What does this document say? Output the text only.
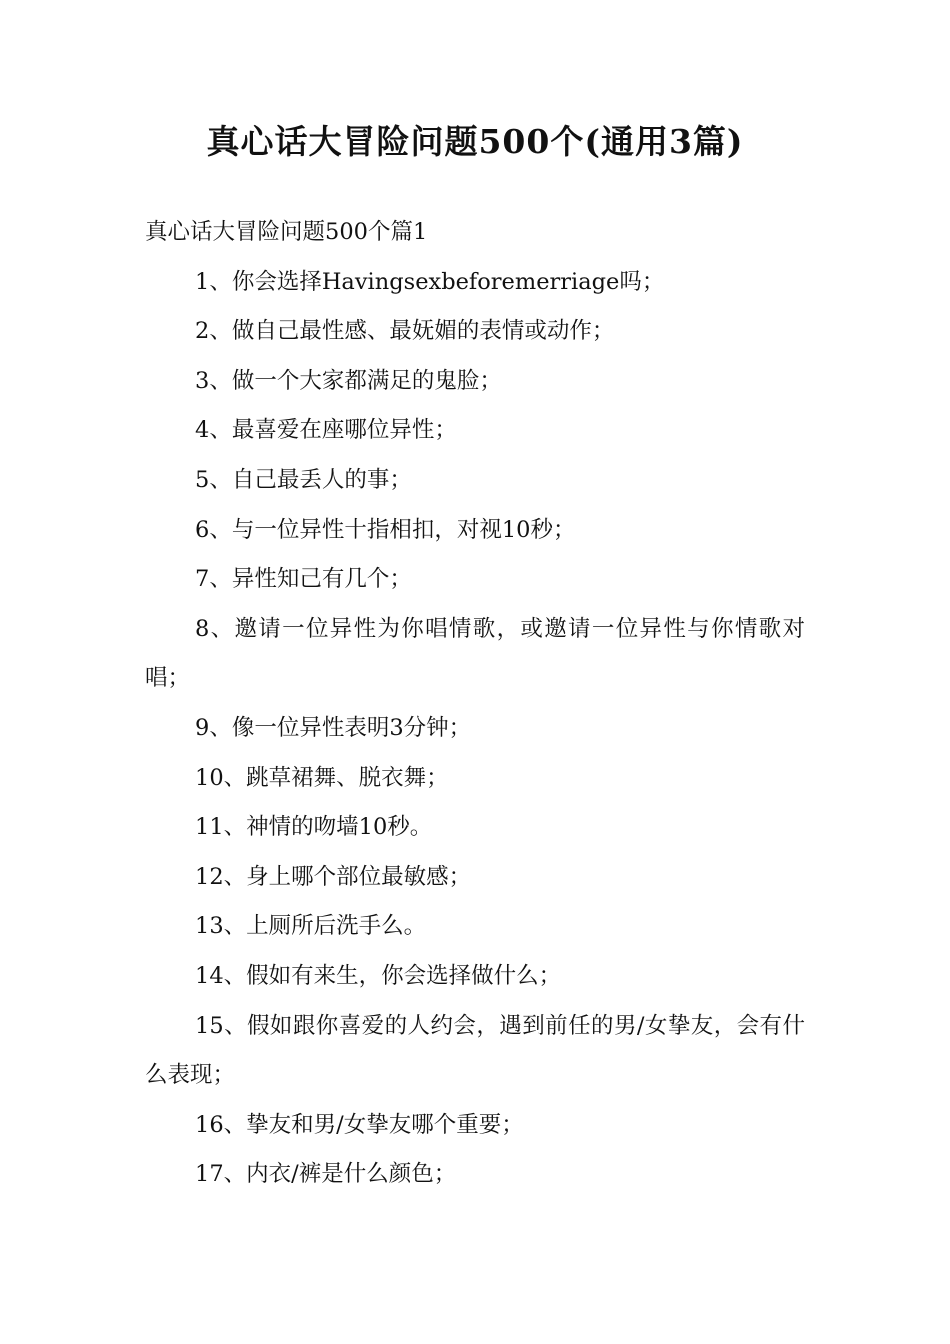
真心话大冒险问题500个(通用3篇)

真心话大冒险问题500个篇1

1、你会选择Havingsexbeforemerriage吗；

2、做自己最性感、最妩媚的表情或动作；

3、做一个大家都满足的鬼脸；

4、最喜爱在座哪位异性；

5、自己最丢人的事；

6、与一位异性十指相扣，对视10秒；

7、异性知己有几个；

8、邀请一位异性为你唱情歌，或邀请一位异性与你情歌对唱；

9、像一位异性表明3分钟；

10、跳草裙舞、脱衣舞；

11、神情的吻墙10秒。

12、身上哪个部位最敏感；

13、上厕所后洗手么。

14、假如有来生，你会选择做什么；

15、假如跟你喜爱的人约会，遇到前任的男/女挚友，会有什么表现；

16、挚友和男/女挚友哪个重要；

17、内衣/裤是什么颜色；
